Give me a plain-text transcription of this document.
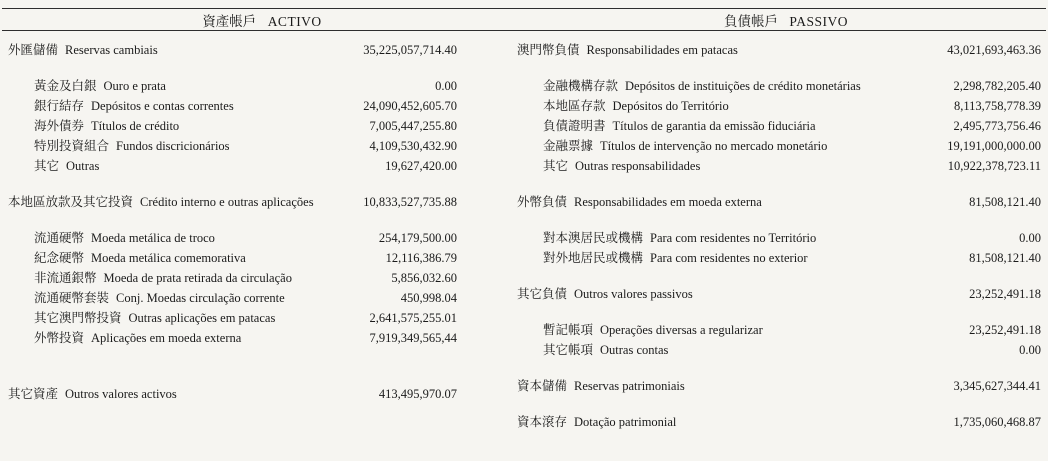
資產帳戶 ACTIVO	負債帳戶 PASSIVO
外匯儲備 Reservas cambiais	35,225,057,714.40
黃金及白銀 Ouro e prata	0.00
銀行結存 Depósitos e contas correntes	24,090,452,605.70
海外債券 Títulos de crédito	7,005,447,255.80
特別投資組合 Fundos discricionários	4,109,530,432.90
其它 Outras	19,627,420.00
本地區放款及其它投資 Crédito interno e outras aplicações	10,833,527,735.88
流通硬幣 Moeda metálica de troco	254,179,500.00
紀念硬幣 Moeda metálica comemorativa	12,116,386.79
非流通銀幣 Moeda de prata retirada da circulação	5,856,032.60
流通硬幣套裝 Conj. Moedas circulação corrente	450,998.04
其它澳門幣投資 Outras aplicações em patacas	2,641,575,255.01
外幣投資 Aplicações em moeda externa	7,919,349,565,44
其它資產 Outros valores activos	413,495,970.07
澳門幣負債 Responsabilidades em patacas	43,021,693,463.36
金融機構存款 Depósitos de instituições de crédito monetárias	2,298,782,205.40
本地區存款 Depósitos do Território	8,113,758,778.39
負債證明書 Títulos de garantia da emissão fiduciária	2,495,773,756.46
金融票據 Títulos de intervenção no mercado monetário	19,191,000,000.00
其它 Outras responsabilidades	10,922,378,723.11
外幣負債 Responsabilidades em moeda externa	81,508,121.40
對本澳居民或機構 Para com residentes no Território	0.00
對外地居民或機構 Para com residentes no exterior	81,508,121.40
其它負債 Outros valores passivos	23,252,491.18
暫記帳項 Operações diversas a regularizar	23,252,491.18
其它帳項 Outras contas	0.00
資本儲備 Reservas patrimoniais	3,345,627,344.41
資本滾存 Dotação patrimonial	1,735,060,468.87
